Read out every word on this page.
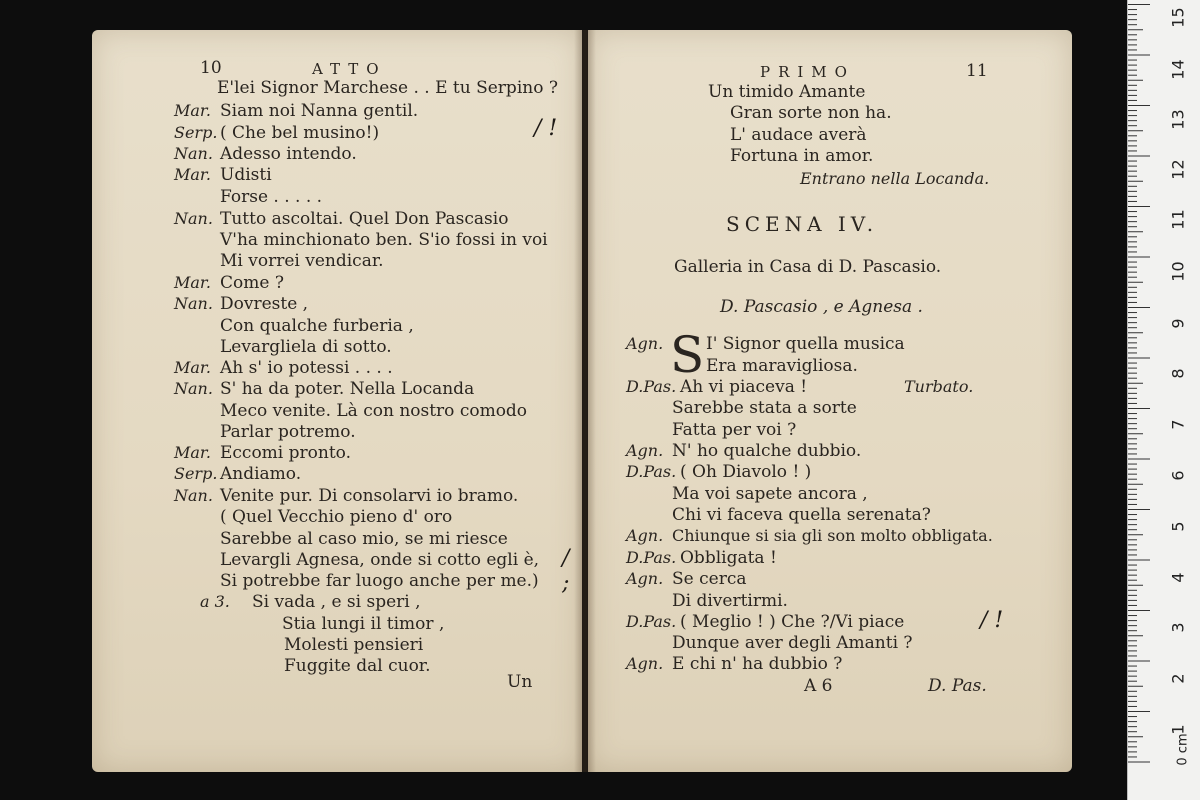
10	ATTO
E'lei Signor Marchese . . E tu Serpino ?
Mar. Siam noi Nanna gentil.
Serp. ( Che bel musino!)
Nan. Adesso intendo.
Mar. Udisti
Forse . . . . .
Nan. Tutto ascoltai. Quel Don Pascasio
V'ha minchionato ben. S'io fossi in voi
Mi vorrei vendicar.
Mar. Come ?
Nan. Dovreste ,
Con qualche furberia ,
Levargliela di sotto.
Mar. Ah s' io potessi . . . .
Nan. S' ha da poter. Nella Locanda
Meco venite. Là con nostro comodo
Parlar potremo.
Mar. Eccomi pronto.
Serp. Andiamo.
Nan. Venite pur. Di consolarvi io bramo.
( Quel Vecchio pieno d' oro
Sarebbe al caso mio, se mi riesce
Levargli Agnesa, onde si cotto egli è,
Si potrebbe far luogo anche per me.)
a 3. Si vada , e si speri ,
Stia lungi il timor ,
Molesti pensieri
Fuggite dal cuor.
Un
/ !
/ ;
PRIMO	11
Un timido Amante
Gran sorte non ha.
L' audace averà
Fortuna in amor.
Entrano nella Locanda.
SCENA IV.
Galleria in Casa di D. Pascasio.
D. Pascasio , e Agnesa .
S
Agn.	I' Signor quella musica
Era maravigliosa.
D.Pas. Ah vi piaceva !	Turbato.
Sarebbe stata a sorte
Fatta per voi ?
Agn. N' ho qualche dubbio.
D.Pas. ( Oh Diavolo ! )
Ma voi sapete ancora ,
Chi vi faceva quella serenata?
Agn. Chiunque si sia gli son molto obbligata.
D.Pas. Obbligata !
Agn. Se cerca
Di divertirmi.
D.Pas. ( Meglio ! ) Che ?/Vi piace
Dunque aver degli Amanti ?
Agn. E chi n' ha dubbio ?
A 6	D. Pas.
/ !
15
14
13
12
11
10
9
8
7
6
5
4
3
2
1
0 cm
